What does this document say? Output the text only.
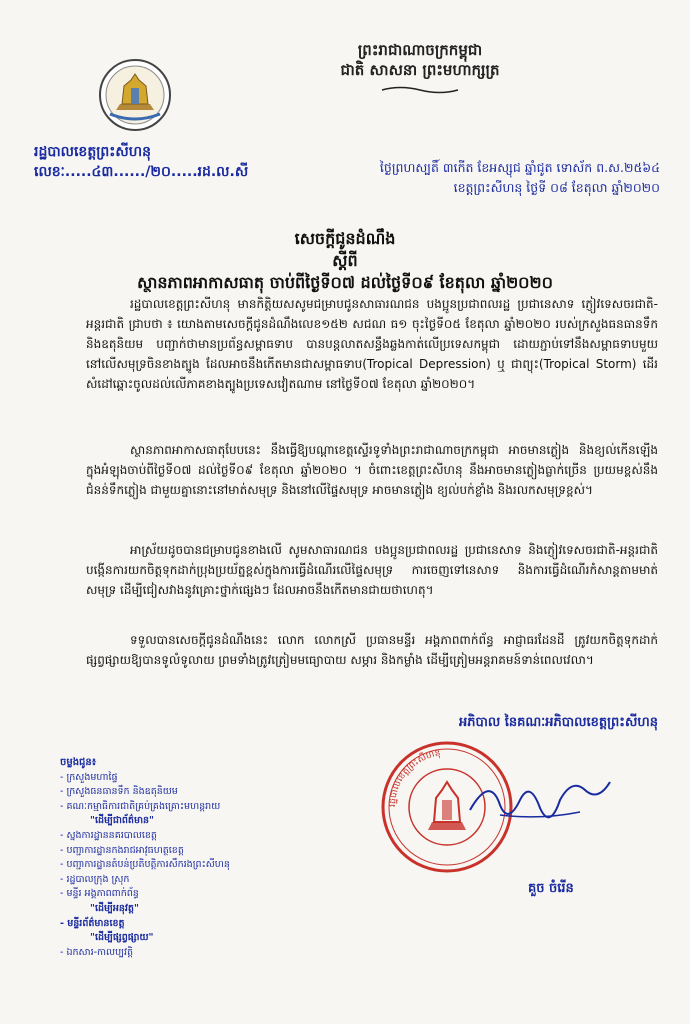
ព្រះរាជាណាចក្រកម្ពុជា
ជាតិ សាសនា ព្រះមហាក្សត្រ
រដ្ឋបាលខេត្តព្រះសីហនុ
លេខៈ.....៤៣....../២០.....រដ.ល.សី	ថ្ងៃព្រហស្បតិ៍ ៣កើត ខែអស្សុជ ឆ្នាំជូត ទោស័ក ព.ស.២៥៦៤
ខេត្តព្រះសីហនុ ថ្ងៃទី ០៨ ខែតុលា ឆ្នាំ២០២០
សេចក្តីជូនដំណឹង
ស្តីពី
ស្ថានភាពអាកាសធាតុ ចាប់ពីថ្ងៃទី០៧ ដល់ថ្ងៃទី០៩ ខែតុលា ឆ្នាំ២០២០
រដ្ឋបាលខេត្តព្រះសីហនុ មានកិត្តិយសសូមជម្រាបជូនសាធារណជន បងប្អូនប្រជាពលរដ្ឋ ប្រជានេសាទ ភ្ញៀវទេសចរជាតិ-អន្តរជាតិ ជ្រាបថា ៖ យោងតាមសេចក្តីជូនដំណឹងលេខ១៥២ សជណ ធ១ ចុះថ្ងៃទី០៥ ខែតុលា ឆ្នាំ២០២០ របស់ក្រសួងធនធានទឹក និងឧតុនិយម បញ្ជាក់ថាមានប្រព័ន្ធសម្ពាធទាប បានបន្តលាតសន្ធឹងឆ្លងកាត់លើប្រទេសកម្ពុជា ដោយភ្ជាប់ទៅនឹងសម្ពាធទាបមួយនៅលើសមុទ្រចិនខាងត្បូង ដែលអាចនឹងកើតមានជាសម្ពាធទាប(Tropical Depression) ឬ ជាព្យុះ(Tropical Storm) ដើរសំដៅឆ្ពោះចូលដល់លើភាគខាងត្បូងប្រទេសវៀតណាម នៅថ្ងៃទី០៧ ខែតុលា ឆ្នាំ២០២០។
ស្ថានភាពអាកាសធាតុបែបនេះ នឹងធ្វើឱ្យបណ្តាខេត្តស្ទើរទូទាំងព្រះរាជាណាចក្រកម្ពុជា អាចមានភ្លៀង និងខ្យល់កើនឡើង ក្នុងអំឡុងចាប់ពីថ្ងៃទី០៧ ដល់ថ្ងៃទី០៩ ខែតុលា ឆ្នាំ២០២០ ។ ចំពោះខេត្តព្រះសីហនុ នឹងអាចមានភ្លៀងធ្លាក់ច្រើន ប្រយមខ្ពស់នឹងជំនន់ទឹកភ្លៀង ជាមួយគ្នានោះនៅមាត់សមុទ្រ និងនៅលើផ្ទៃសមុទ្រ អាចមានភ្លៀង ខ្យល់បក់ខ្លាំង និងរលកសមុទ្រខ្ពស់។
អាស្រ័យដូចបានជម្រាបជូនខាងលើ សូមសាធារណជន បងប្អូនប្រជាពលរដ្ឋ ប្រជានេសាទ និងភ្ញៀវទេសចរជាតិ-អន្តរជាតិ បង្កើនការយកចិត្តទុកដាក់ប្រុងប្រយ័ត្នខ្ពស់ក្នុងការធ្វើដំណើរលើផ្ទៃសមុទ្រ ការចេញទៅនេសាទ និងការធ្វើដំណើរកំសាន្តតាមមាត់សមុទ្រ ដើម្បីជៀសវាងនូវគ្រោះថ្នាក់ផ្សេងៗ ដែលអាចនឹងកើតមានជាយថាហេតុ។
ទទួលបានសេចក្តីជូនដំណឹងនេះ លោក លោកស្រី ប្រធានមន្ទីរ អង្គភាពពាក់ព័ន្ធ អាជ្ញាធរដែនដី ត្រូវយកចិត្តទុកដាក់ ផ្សព្វផ្សាយឱ្យបានទូលំទូលាយ ព្រមទាំងត្រូវត្រៀមមធ្យោបាយ សម្ភារ និងកម្លាំង ដើម្បីត្រៀមអន្តរាគមន៍ទាន់ពេលវេលា។
អភិបាល នៃគណៈអភិបាលខេត្តព្រះសីហនុ
រដ្ឋបាលខេត្តព្រះសីហនុ
គួច ចំរើន
ចម្លងជូន៖
- ក្រសួងមហាផ្ទៃ
- ក្រសួងធនធានទឹក និងឧតុនិយម
- គណៈកម្មាធិការជាតិគ្រប់គ្រងគ្រោះមហន្តរាយ
"ដើម្បីជាព័ត៌មាន"
- ស្នងការដ្ឋាននគរបាលខេត្ត
- បញ្ជាការដ្ឋានកងរាជអាវុធហត្ថខេត្ត
- បញ្ជាការដ្ឋានតំបន់ប្រតិបត្តិការសឹករងព្រះសីហនុ
- រដ្ឋបាលក្រុង ស្រុក
- មន្ទីរ អង្គភាពពាក់ព័ន្ធ
"ដើម្បីអនុវត្ត"
- មន្ទីរព័ត៌មានខេត្ត
"ដើម្បីផ្សព្វផ្សាយ"
- ឯកសារ-កាលប្បវត្តិ
